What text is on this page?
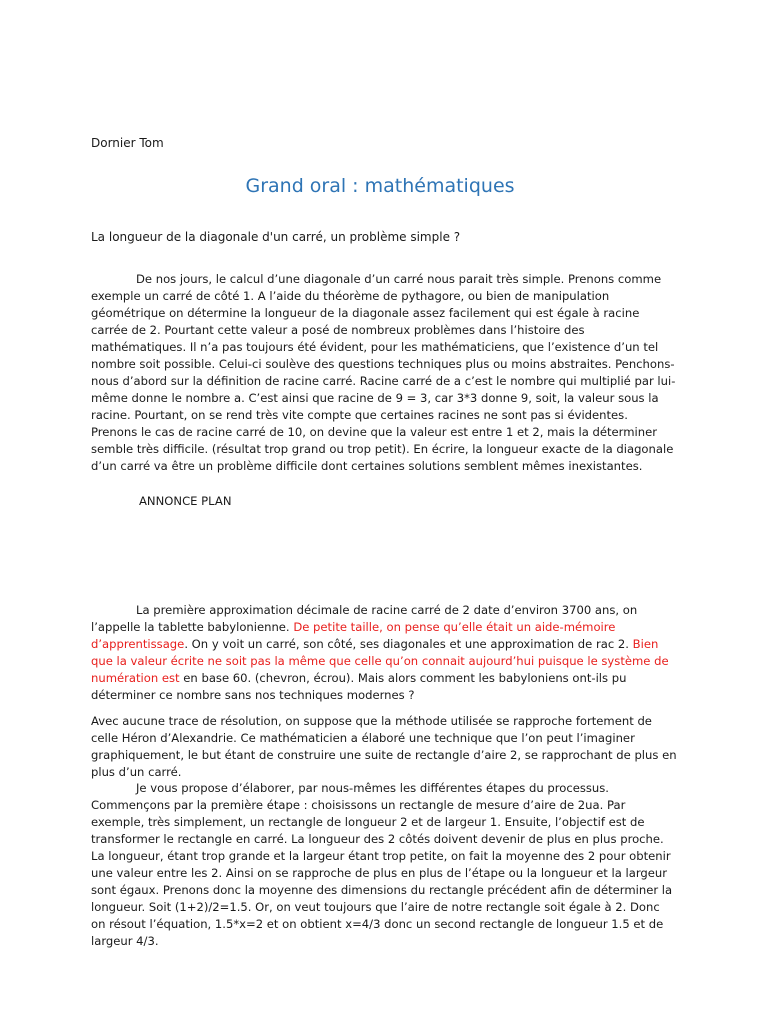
Dornier Tom
Grand oral : mathématiques
La longueur de la diagonale d'un carré, un problème simple ?

De nos jours, le calcul d’une diagonale d’un carré nous parait très simple. Prenons comme exemple un carré de côté 1. A l’aide du théorème de pythagore, ou bien de manipulation géométrique on détermine la longueur de la diagonale assez facilement qui est égale à racine carrée de 2. Pourtant cette valeur a posé de nombreux problèmes dans l’histoire des mathématiques. Il n’a pas toujours été évident, pour les mathématiciens, que l’existence d’un tel nombre soit possible. Celui-ci soulève des questions techniques plus ou moins abstraites. Penchons-nous d’abord sur la définition de racine carré. Racine carré de a c’est le nombre qui multiplié par lui-même donne le nombre a. C’est ainsi que racine de 9 = 3, car 3*3 donne 9, soit, la valeur sous la racine. Pourtant, on se rend très vite compte que certaines racines ne sont pas si évidentes. Prenons le cas de racine carré de 10, on devine que la valeur est entre 1 et 2, mais la déterminer semble très difficile. (résultat trop grand ou trop petit). En écrire, la longueur exacte de la diagonale d’un carré va être un problème difficile dont certaines solutions semblent mêmes inexistantes.

ANNONCE PLAN

La première approximation décimale de racine carré de 2 date d’environ 3700 ans, on l’appelle la tablette babylonienne. De petite taille, on pense qu’elle était un aide-mémoire d’apprentissage. On y voit un carré, son côté, ses diagonales et une approximation de rac 2. Bien que la valeur écrite ne soit pas la même que celle qu’on connait aujourd’hui puisque le système de numération est en base 60. (chevron, écrou). Mais alors comment les babyloniens ont-ils pu déterminer ce nombre sans nos techniques modernes ?

Avec aucune trace de résolution, on suppose que la méthode utilisée se rapproche fortement de celle Héron d’Alexandrie. Ce mathématicien a élaboré une technique que l’on peut l’imaginer graphiquement, le but étant de construire une suite de rectangle d’aire 2, se rapprochant de plus en plus d’un carré.

Je vous propose d’élaborer, par nous-mêmes les différentes étapes du processus. Commençons par la première étape : choisissons un rectangle de mesure d’aire de 2ua. Par exemple, très simplement, un rectangle de longueur 2 et de largeur 1. Ensuite, l’objectif est de transformer le rectangle en carré. La longueur des 2 côtés doivent devenir de plus en plus proche. La longueur, étant trop grande et la largeur étant trop petite, on fait la moyenne des 2 pour obtenir une valeur entre les 2. Ainsi on se rapproche de plus en plus de l’étape ou la longueur et la largeur sont égaux. Prenons donc la moyenne des dimensions du rectangle précédent afin de déterminer la longueur. Soit (1+2)/2=1.5. Or, on veut toujours que l’aire de notre rectangle soit égale à 2. Donc on résout l’équation, 1.5*x=2 et on obtient x=4/3 donc un second rectangle de longueur 1.5 et de largeur 4/3.
